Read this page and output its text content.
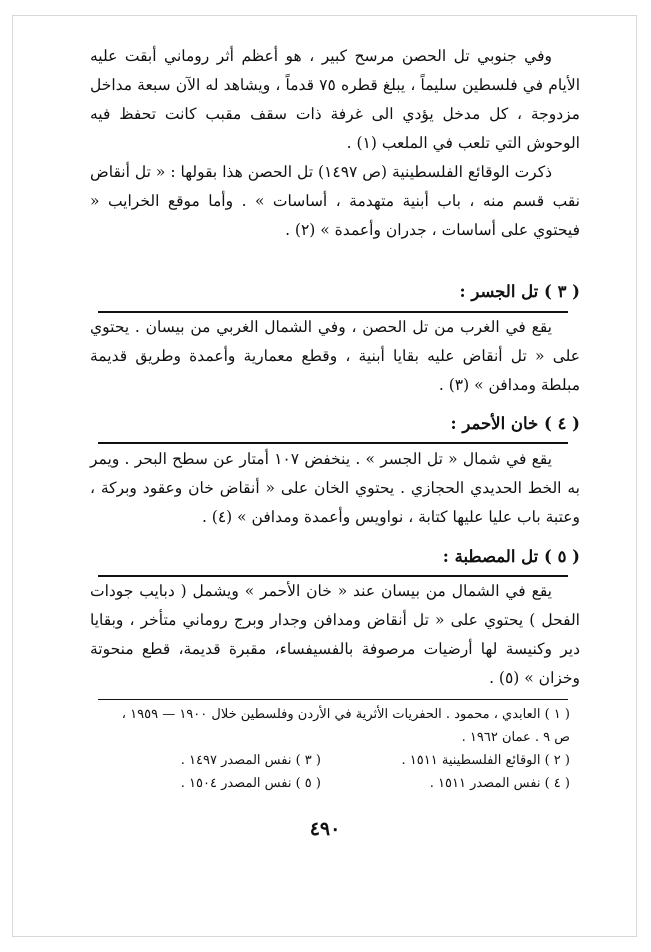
وفي جنوبي تل الحصن مرسح كبير ، هو أعظم أثر روماني أبقت عليه الأيام في فلسطين سليماً ، يبلغ قطره ٧٥ قدماً ، ويشاهد له الآن سبعة مداخل مزدوجة ، كل مدخل يؤدي الى غرفة ذات سقف مقبب كانت تحفظ فيه الوحوش التي تلعب في الملعب (١) .

ذكرت الوقائع الفلسطينية (ص ١٤٩٧) تل الحصن هذا بقولها : « تل أنقاض نقب قسم منه ، باب أبنية متهدمة ، أساسات » . وأما موقع الخرايب « فيحتوي على أساسات ، جدران وأعمدة » (٢) .

( ٣ ) تل الجسر :

يقع في الغرب من تل الحصن ، وفي الشمال الغربي من بيسان . يحتوي على « تل أنقاض عليه بقايا أبنية ، وقطع معمارية وأعمدة وطريق قديمة مبلطة ومدافن » (٣) .

( ٤ ) خان الأحمر :

يقع في شمال « تل الجسر » . ينخفض ١٠٧ أمتار عن سطح البحر . ويمر به الخط الحديدي الحجازي . يحتوي الخان على « أنقاض خان وعقود وبركة ، وعتبة باب عليا عليها كتابة ، نواويس وأعمدة ومدافن » (٤) .

( ٥ ) تل المصطبة :

يقع في الشمال من بيسان عند « خان الأحمر » ويشمل ( دبايب جودات الفحل ) يحتوي على « تل أنقاض ومدافن وجدار وبرج روماني متأخر ، وبقايا دير وكنيسة لها أرضيات مرصوفة بالفسيفساء، مقبرة قديمة، قطع منحوتة وخزان » (٥) .

( ١ ) العابدي ، محمود . الحفريات الأثرية في الأردن وفلسطين خلال ١٩٠٠ — ١٩٥٩ ،
ص ٩ . عمان ١٩٦٢ .
( ٢ ) الوقائع الفلسطينية ١٥١١ .
( ٣ ) نفس المصدر ١٤٩٧ .
( ٤ ) نفس المصدر ١٥١١ .
( ٥ ) نفس المصدر ١٥٠٤ .
٤٩٠
